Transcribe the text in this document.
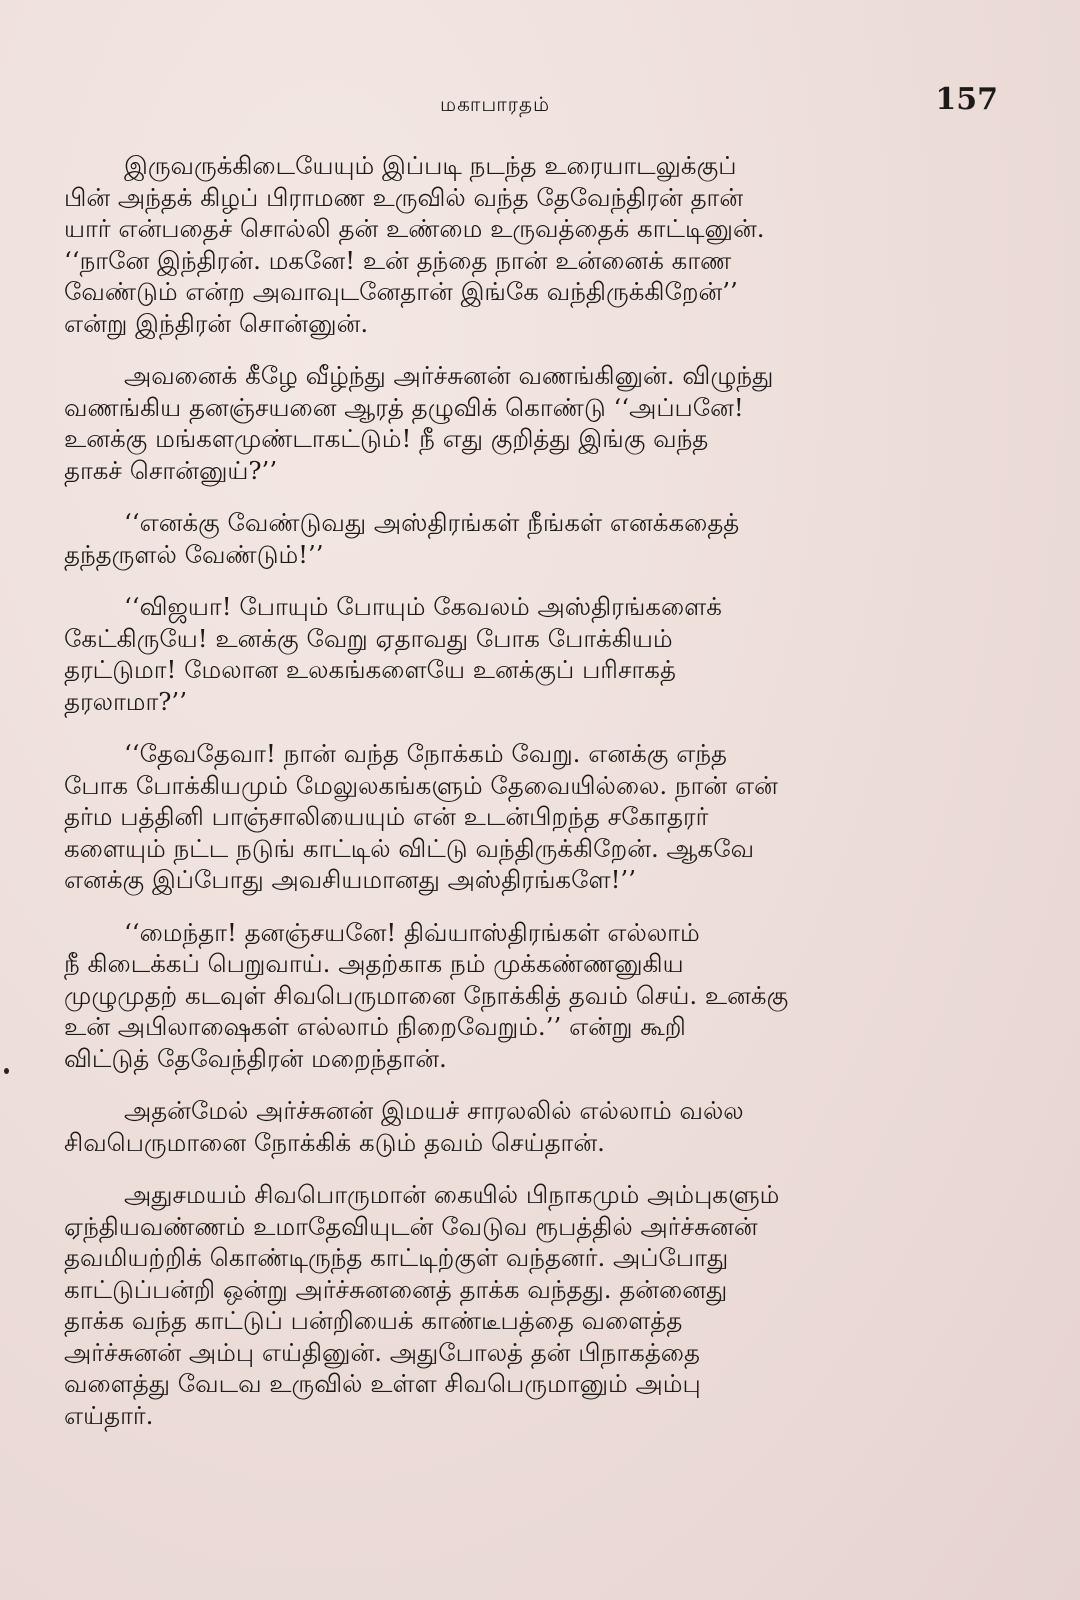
மகாபாரதம்	157

இருவருக்கிடையேயும் இப்படி நடந்த உரையாடலுக்குப்
பின் அந்தக் கிழப் பிராமண உருவில் வந்த தேவேந்திரன் தான்
யார் என்பதைச் சொல்லி தன் உண்மை உருவத்தைக் காட்டினுன்.
‘‘நானே இந்திரன். மகனே! உன் தந்தை நான் உன்னைக் காண
வேண்டும் என்ற அவாவுடனேதான் இங்கே வந்திருக்கிறேன்’’
என்று இந்திரன் சொன்னுன்.

அவனைக் கீழே வீழ்ந்து அர்ச்சுனன் வணங்கினுன். விழுந்து
வணங்கிய தனஞ்சயனை ஆரத் தழுவிக் கொண்டு ‘‘அப்பனே!
உனக்கு மங்களமுண்டாகட்டும்! நீ எது குறித்து இங்கு வந்த
தாகச் சொன்னுய்?’’

‘‘எனக்கு வேண்டுவது அஸ்திரங்கள் நீங்கள் எனக்கதைத்
தந்தருளல் வேண்டும்!’’

‘‘விஜயா! போயும் போயும் கேவலம் அஸ்திரங்களைக்
கேட்கிருயே! உனக்கு வேறு ஏதாவது போக போக்கியம்
தரட்டுமா! மேலான உலகங்களையே உனக்குப் பரிசாகத்
தரலாமா?’’

‘‘தேவதேவா! நான் வந்த நோக்கம் வேறு. எனக்கு எந்த
போக போக்கியமும் மேலுலகங்களும் தேவையில்லை. நான் என்
தர்ம பத்தினி பாஞ்சாலியையும் என் உடன்பிறந்த சகோதரர்
களையும் நட்ட நடுங் காட்டில் விட்டு வந்திருக்கிறேன். ஆகவே
எனக்கு இப்போது அவசியமானது அஸ்திரங்களே!’’

‘‘மைந்தா! தனஞ்சயனே! திவ்யாஸ்திரங்கள் எல்லாம்
நீ கிடைக்கப் பெறுவாய். அதற்காக நம் முக்கண்ணனுகிய
முழுமுதற் கடவுள் சிவபெருமானை நோக்கித் தவம் செய். உனக்கு
உன் அபிலாஷைகள் எல்லாம் நிறைவேறும்.’’ என்று கூறி
விட்டுத் தேவேந்திரன் மறைந்தான்.

அதன்மேல் அர்ச்சுனன் இமயச் சாரலலில் எல்லாம் வல்ல
சிவபெருமானை நோக்கிக் கடும் தவம் செய்தான்.

அதுசமயம் சிவபொருமான் கையில் பிநாகமும் அம்புகளும்
ஏந்தியவண்ணம் உமாதேவியுடன் வேடுவ ரூபத்தில் அர்ச்சுனன்
தவமியற்றிக் கொண்டிருந்த காட்டிற்குள் வந்தனர். அப்போது
காட்டுப்பன்றி ஒன்று அர்ச்சுனனைத் தாக்க வந்தது. தன்னைது
தாக்க வந்த காட்டுப் பன்றியைக் காண்டீபத்தை வளைத்த
அர்ச்சுனன் அம்பு எய்தினுன். அதுபோலத் தன் பிநாகத்தை
வளைத்து வேடவ உருவில் உள்ள சிவபெருமானும் அம்பு
எய்தார்.
